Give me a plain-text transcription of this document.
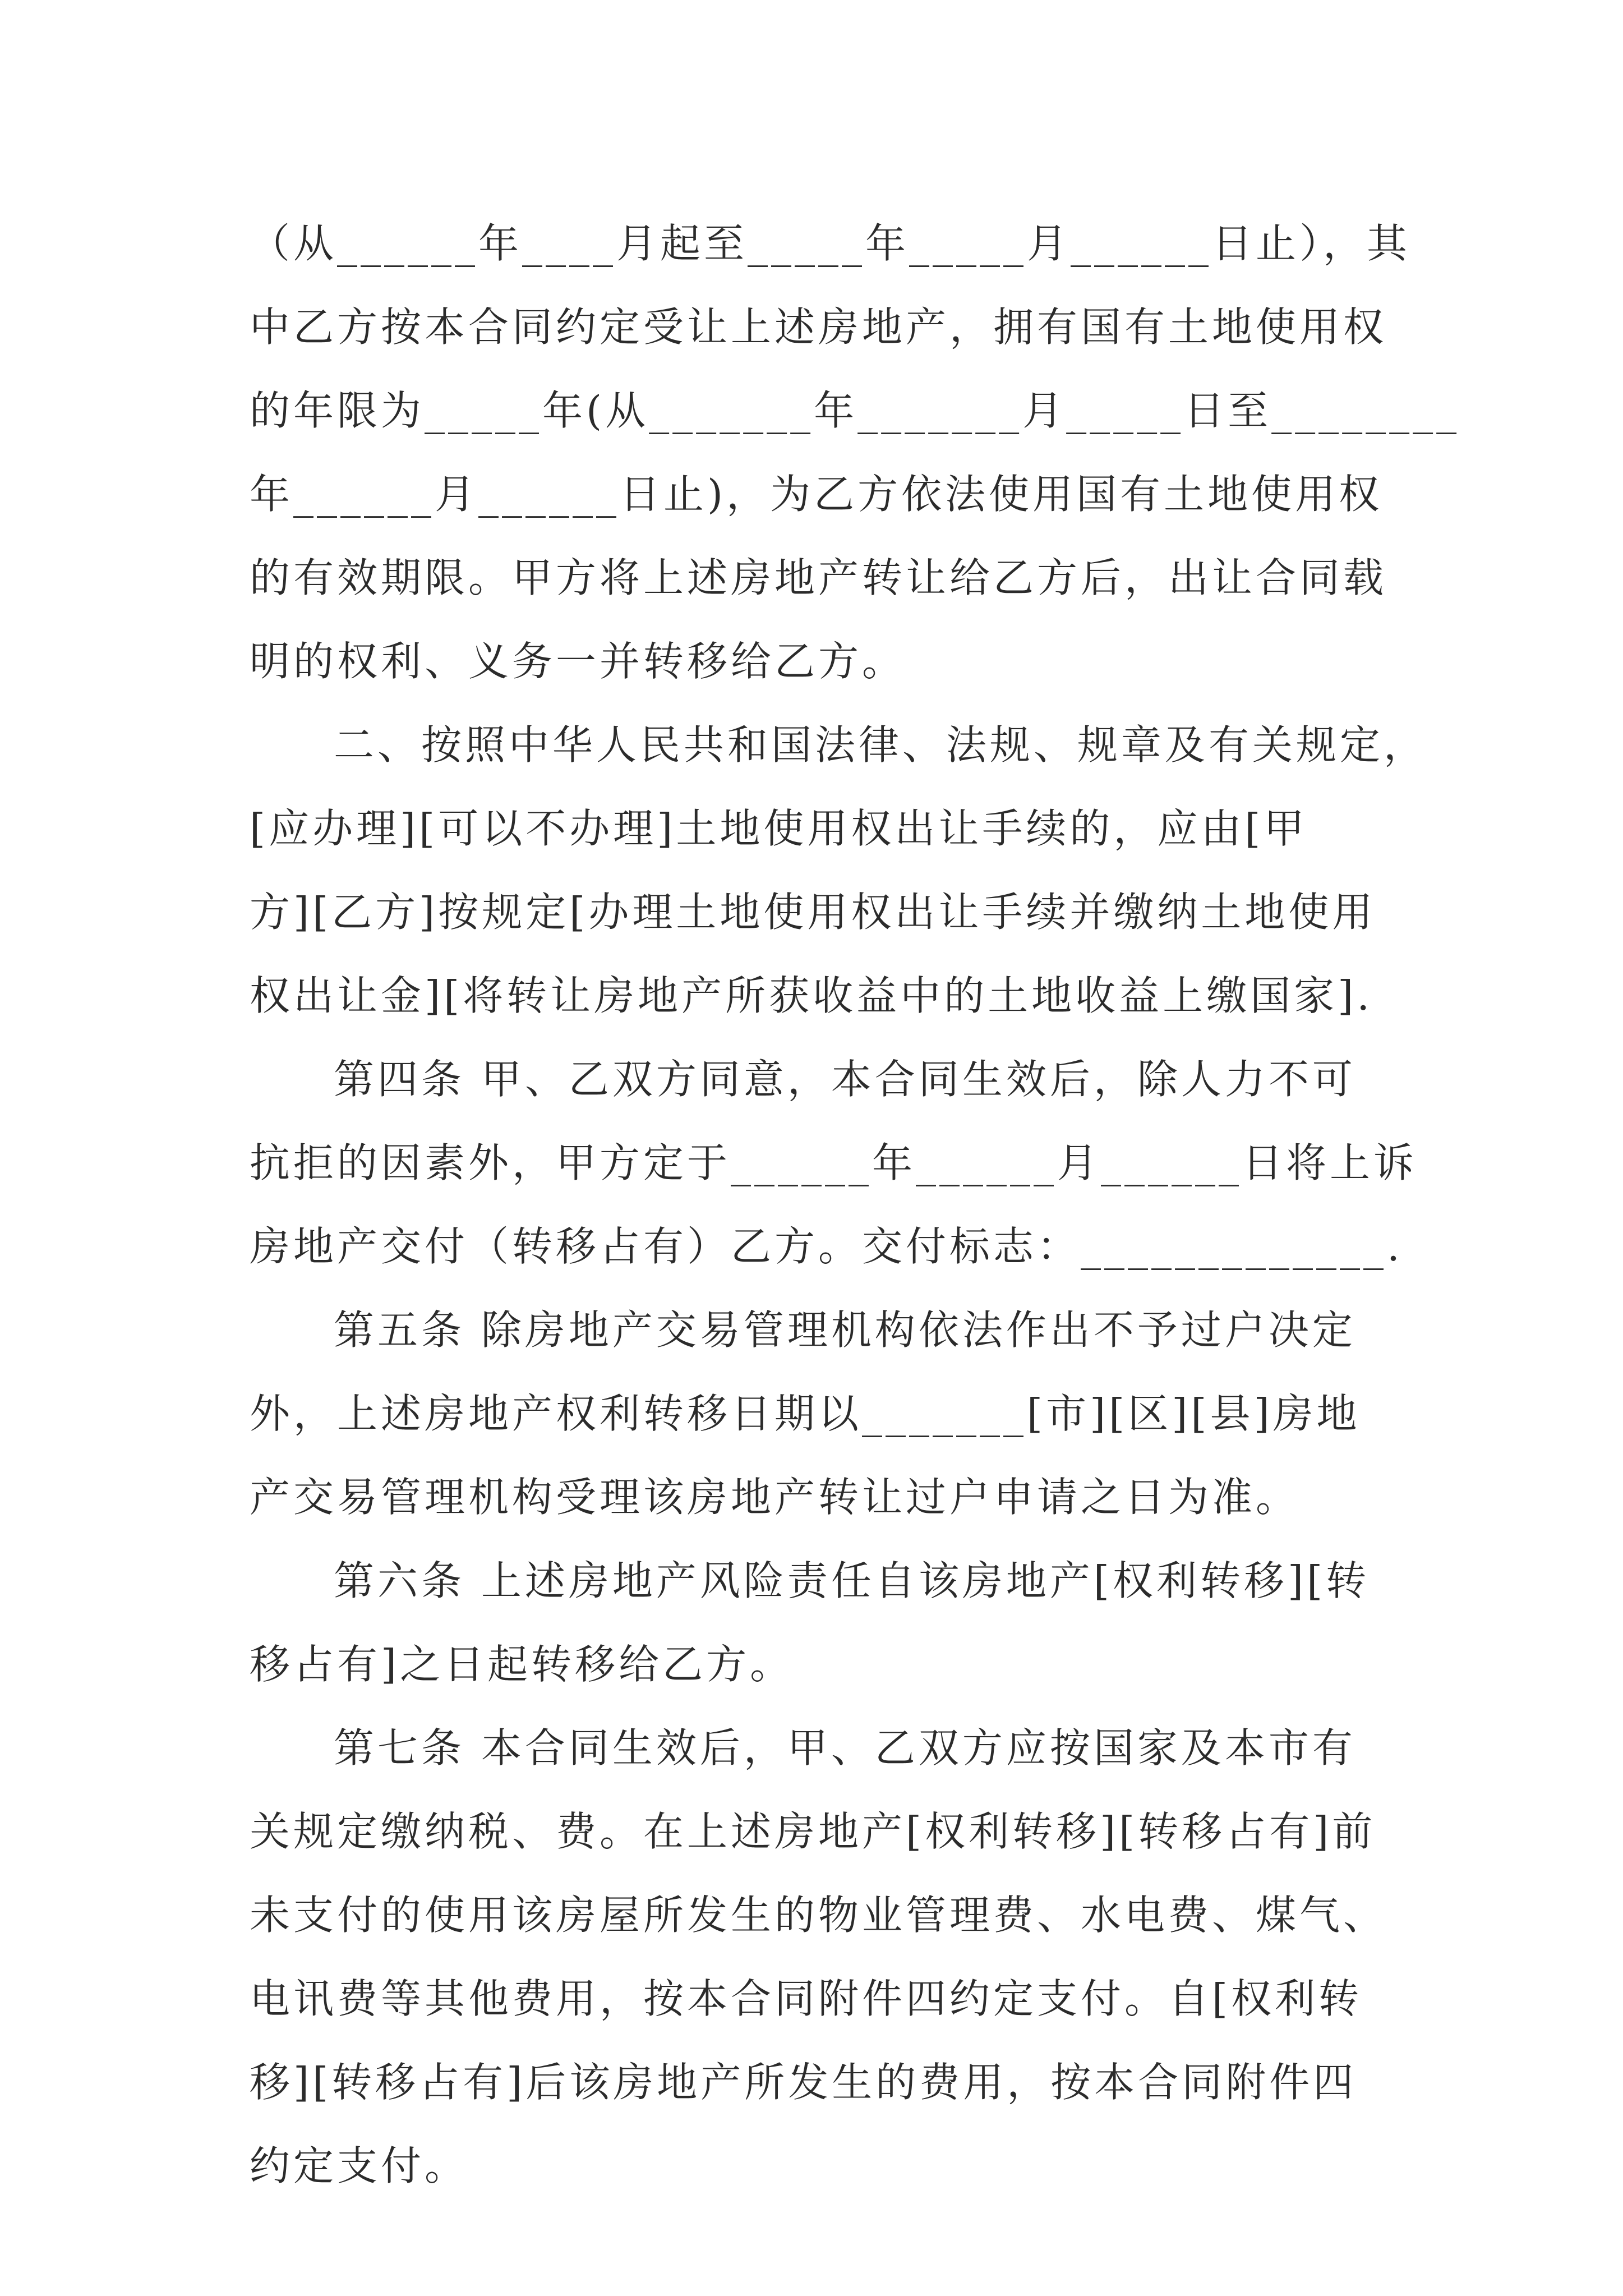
（从______年____月起至_____年_____月______日止），其
中乙方按本合同约定受让上述房地产，拥有国有土地使用权
的年限为_____年(从_______年_______月_____日至________
年______月______日止)，为乙方依法使用国有土地使用权
的有效期限。甲方将上述房地产转让给乙方后，出让合同载
明的权利、义务一并转移给乙方。
二、按照中华人民共和国法律、法规、规章及有关规定，
[应办理][可以不办理]土地使用权出让手续的，应由[甲
方][乙方]按规定[办理土地使用权出让手续并缴纳土地使用
权出让金][将转让房地产所获收益中的土地收益上缴国家].
第四条 甲、乙双方同意，本合同生效后，除人力不可
抗拒的因素外，甲方定于______年______月______日将上诉
房地产交付（转移占有）乙方。交付标志：_____________.
第五条 除房地产交易管理机构依法作出不予过户决定
外，上述房地产权利转移日期以_______[市][区][县]房地
产交易管理机构受理该房地产转让过户申请之日为准。
第六条 上述房地产风险责任自该房地产[权利转移][转
移占有]之日起转移给乙方。
第七条 本合同生效后，甲、乙双方应按国家及本市有
关规定缴纳税、费。在上述房地产[权利转移][转移占有]前
未支付的使用该房屋所发生的物业管理费、水电费、煤气、
电讯费等其他费用，按本合同附件四约定支付。自[权利转
移][转移占有]后该房地产所发生的费用，按本合同附件四
约定支付。
